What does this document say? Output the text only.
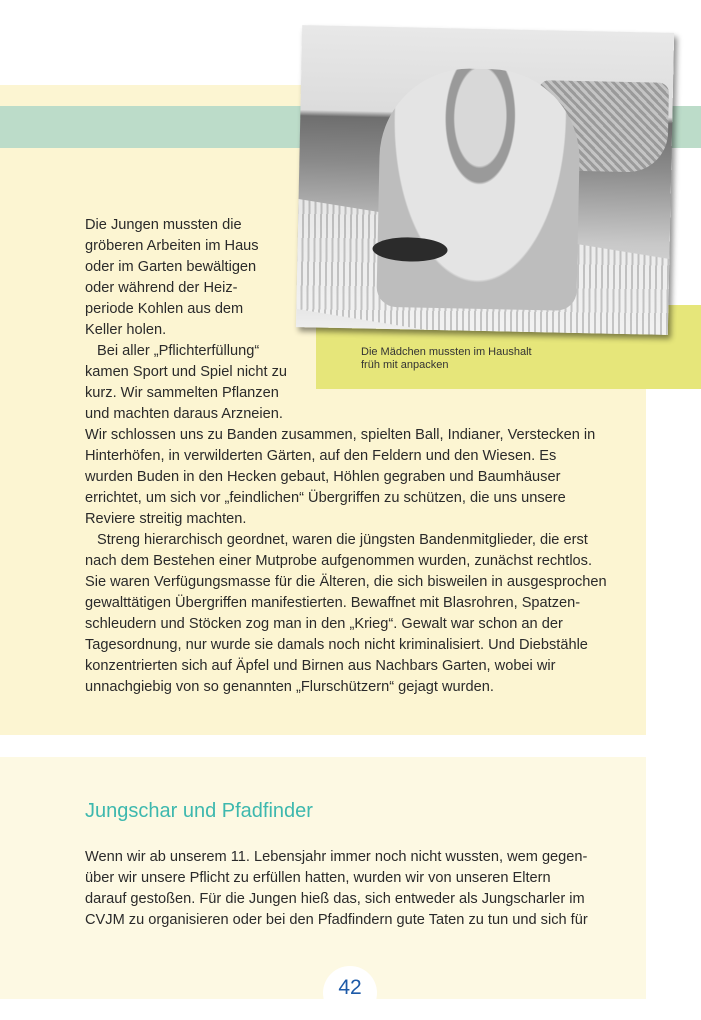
Die Mädchen mussten im Haushalt
früh mit anpacken
Die Jungen mussten die
gröberen Arbeiten im Haus
oder im Garten bewältigen
oder während der Heiz-
periode Kohlen aus dem
Keller holen.
Bei aller „Pflichterfüllung“
kamen Sport und Spiel nicht zu
kurz. Wir sammelten Pflanzen
und machten daraus Arzneien.
Wir schlossen uns zu Banden zusammen, spielten Ball, Indianer, Verstecken in
Hinterhöfen, in verwilderten Gärten, auf den Feldern und den Wiesen. Es
wurden Buden in den Hecken gebaut, Höhlen gegraben und Baumhäuser
errichtet, um sich vor „feindlichen“ Übergriffen zu schützen, die uns unsere
Reviere streitig machten.
Streng hierarchisch geordnet, waren die jüngsten Bandenmitglieder, die erst
nach dem Bestehen einer Mutprobe aufgenommen wurden, zunächst rechtlos.
Sie waren Verfügungsmasse für die Älteren, die sich bisweilen in ausgesprochen
gewalttätigen Übergriffen manifestierten. Bewaffnet mit Blasrohren, Spatzen-
schleudern und Stöcken zog man in den „Krieg“. Gewalt war schon an der
Tagesordnung, nur wurde sie damals noch nicht kriminalisiert. Und Diebstähle
konzentrierten sich auf Äpfel und Birnen aus Nachbars Garten, wobei wir
unnachgiebig von so genannten „Flurschützern“ gejagt wurden.
Jungschar und Pfadfinder
Wenn wir ab unserem 11. Lebensjahr immer noch nicht wussten, wem gegen-
über wir unsere Pflicht zu erfüllen hatten, wurden wir von unseren Eltern
darauf gestoßen. Für die Jungen hieß das, sich entweder als Jungscharler im
CVJM zu organisieren oder bei den Pfadfindern gute Taten zu tun und sich für
42
